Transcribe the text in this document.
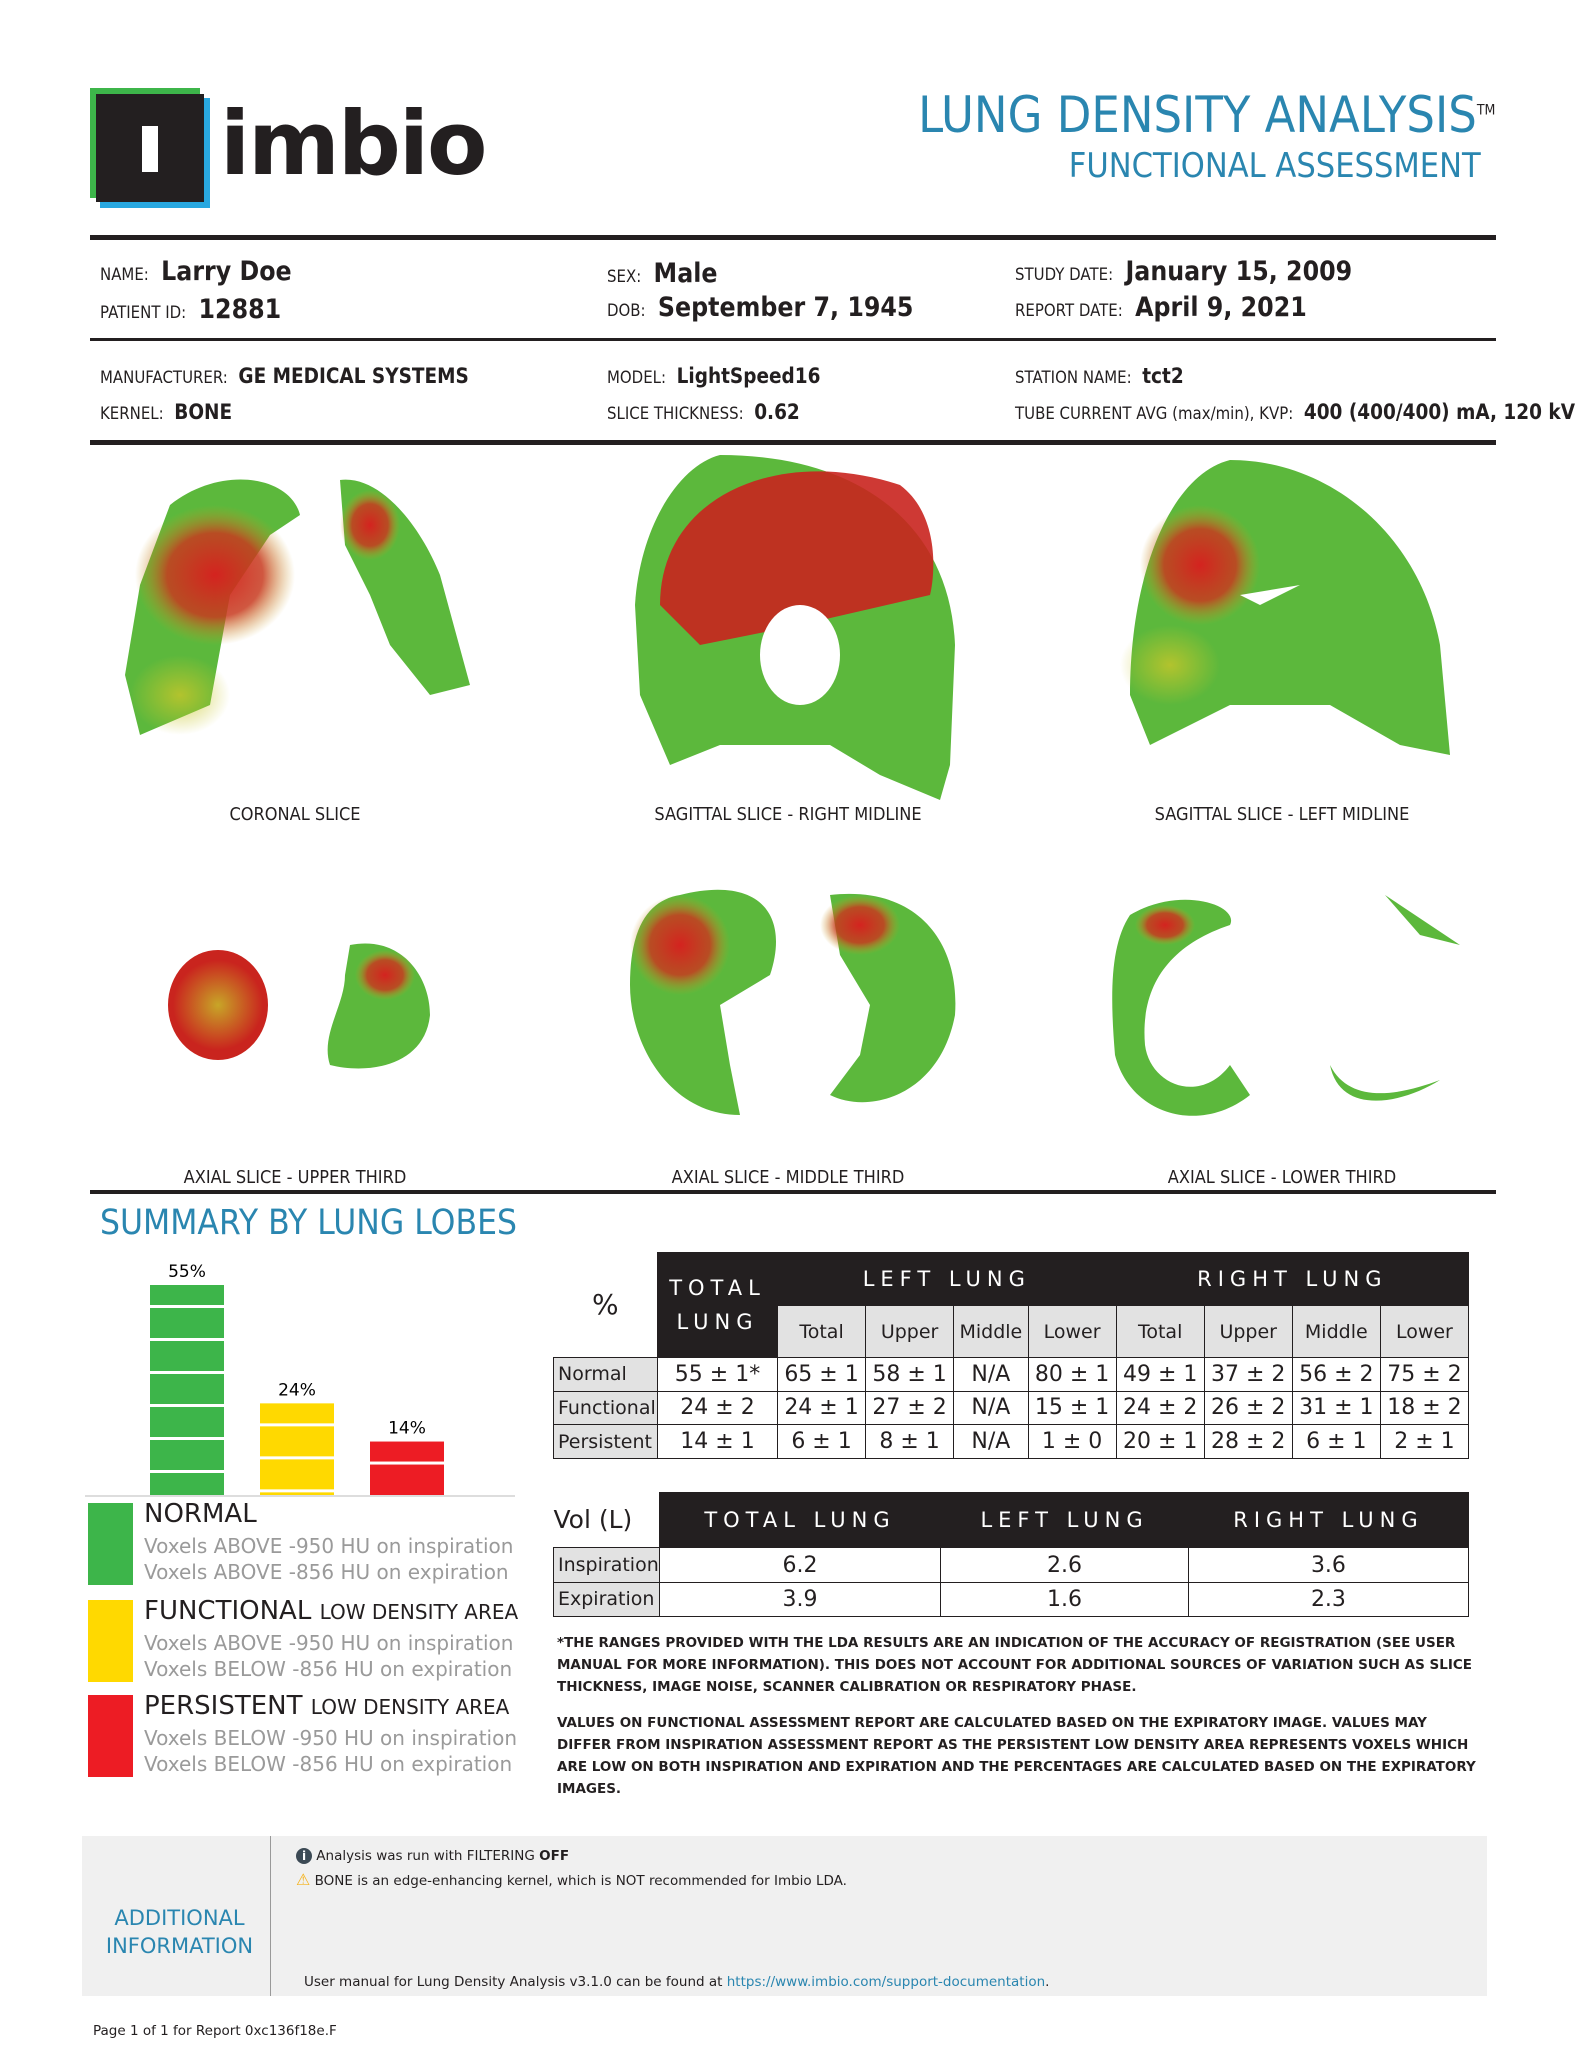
imbio	LUNG DENSITY ANALYSIS™
FUNCTIONAL ASSESSMENT
NAME: Larry Doe
PATIENT ID: 12881
SEX: Male
DOB: September 7, 1945
STUDY DATE: January 15, 2009
REPORT DATE: April 9, 2021
MANUFACTURER: GE MEDICAL SYSTEMS
KERNEL: BONE
MODEL: LightSpeed16
SLICE THICKNESS: 0.62
STATION NAME: tct2
TUBE CURRENT AVG (max/min), KVP: 400 (400/400) mA, 120 kV
CORONAL SLICE	SAGITTAL SLICE - RIGHT MIDLINE	SAGITTAL SLICE - LEFT MIDLINE
AXIAL SLICE - UPPER THIRD	AXIAL SLICE - MIDDLE THIRD	AXIAL SLICE - LOWER THIRD
SUMMARY BY LUNG LOBES
55%
24%
14%
NORMAL
Voxels ABOVE -950 HU on inspiration
Voxels ABOVE -856 HU on expiration
FUNCTIONAL LOW DENSITY AREA
Voxels ABOVE -950 HU on inspiration
Voxels BELOW -856 HU on expiration
PERSISTENT LOW DENSITY AREA
Voxels BELOW -950 HU on inspiration
Voxels BELOW -856 HU on expiration
%	TOTAL LUNG	LEFT LUNG				RIGHT LUNG			
		Total	Upper	Middle	Lower	Total	Upper	Middle	Lower
Normal	55 ± 1*	65 ± 1	58 ± 1	N/A	80 ± 1	49 ± 1	37 ± 2	56 ± 2	75 ± 2
Functional	24 ± 2	24 ± 1	27 ± 2	N/A	15 ± 1	24 ± 2	26 ± 2	31 ± 1	18 ± 2
Persistent	14 ± 1	6 ± 1	8 ± 1	N/A	1 ± 0	20 ± 1	28 ± 2	6 ± 1	2 ± 1
Vol (L)	TOTAL LUNG	LEFT LUNG	RIGHT LUNG
Inspiration	6.2	2.6	3.6
Expiration	3.9	1.6	2.3

*THE RANGES PROVIDED WITH THE LDA RESULTS ARE AN INDICATION OF THE ACCURACY OF REGISTRATION (SEE USER MANUAL FOR MORE INFORMATION). THIS DOES NOT ACCOUNT FOR ADDITIONAL SOURCES OF VARIATION SUCH AS SLICE THICKNESS, IMAGE NOISE, SCANNER CALIBRATION OR RESPIRATORY PHASE.

VALUES ON FUNCTIONAL ASSESSMENT REPORT ARE CALCULATED BASED ON THE EXPIRATORY IMAGE. VALUES MAY DIFFER FROM INSPIRATION ASSESSMENT REPORT AS THE PERSISTENT LOW DENSITY AREA REPRESENTS VOXELS WHICH ARE LOW ON BOTH INSPIRATION AND EXPIRATION AND THE PERCENTAGES ARE CALCULATED BASED ON THE EXPIRATORY IMAGES.

ADDITIONAL
INFORMATION
i Analysis was run with FILTERING OFF
⚠ BONE is an edge-enhancing kernel, which is NOT recommended for Imbio LDA.
User manual for Lung Density Analysis v3.1.0 can be found at https://www.imbio.com/support-documentation.
Page 1 of 1 for Report 0xc136f18e.F
